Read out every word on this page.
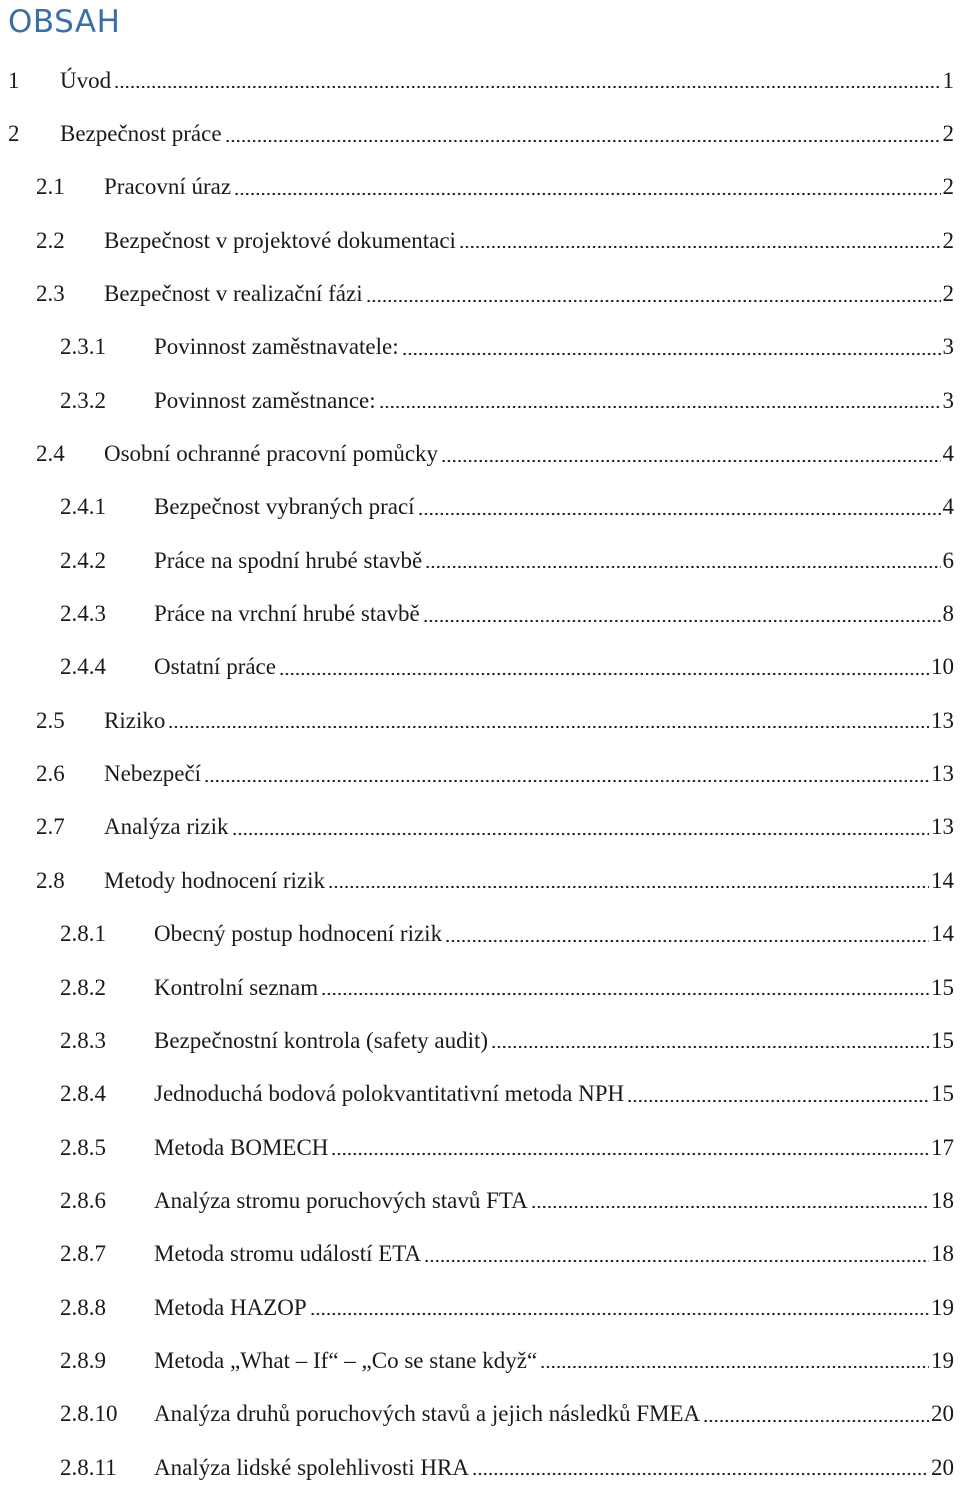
OBSAH
1	Úvod	1
2	Bezpečnost práce	2
2.1	Pracovní úraz	2
2.2	Bezpečnost v projektové dokumentaci	2
2.3	Bezpečnost v realizační fázi	2
2.3.1	Povinnost zaměstnavatele:	3
2.3.2	Povinnost zaměstnance:	3
2.4	Osobní ochranné pracovní pomůcky	4
2.4.1	Bezpečnost vybraných prací	4
2.4.2	Práce na spodní hrubé stavbě	6
2.4.3	Práce na vrchní hrubé stavbě	8
2.4.4	Ostatní práce	10
2.5	Riziko	13
2.6	Nebezpečí	13
2.7	Analýza rizik	13
2.8	Metody hodnocení rizik	14
2.8.1	Obecný postup hodnocení rizik	14
2.8.2	Kontrolní seznam	15
2.8.3	Bezpečnostní kontrola (safety audit)	15
2.8.4	Jednoduchá bodová polokvantitativní metoda NPH	15
2.8.5	Metoda BOMECH	17
2.8.6	Analýza stromu poruchových stavů FTA	18
2.8.7	Metoda stromu událostí ETA	18
2.8.8	Metoda HAZOP	19
2.8.9	Metoda „What – If“ – „Co se stane když“	19
2.8.10	Analýza druhů poruchových stavů a jejich následků FMEA	20
2.8.11	Analýza lidské spolehlivosti HRA	20
